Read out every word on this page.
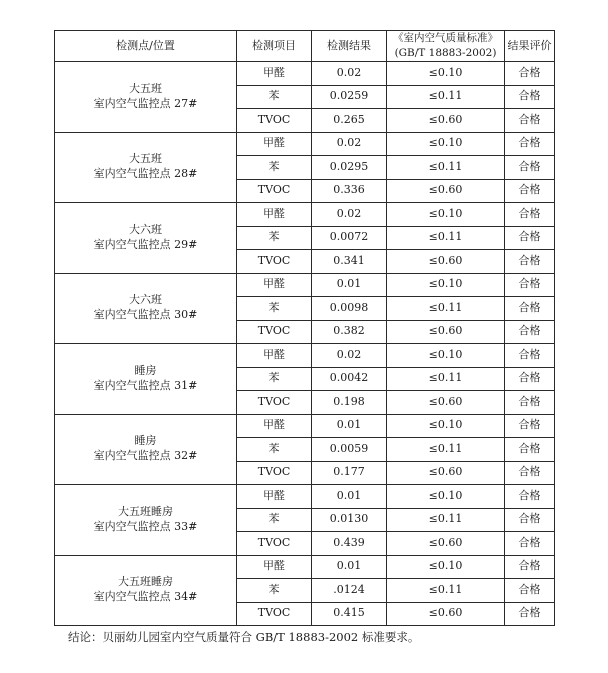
检测点/位置	检测项目	检测结果	《室内空气质量标准》
(GB/T 18883-2002)	结果评价

大五班
室内空气监控点 27#	甲醛	0.02	≤0.10	合格
	苯	0.0259	≤0.11	合格
	TVOC	0.265	≤0.60	合格

大五班
室内空气监控点 28#	甲醛	0.02	≤0.10	合格
	苯	0.0295	≤0.11	合格
	TVOC	0.336	≤0.60	合格

大六班
室内空气监控点 29#	甲醛	0.02	≤0.10	合格
	苯	0.0072	≤0.11	合格
	TVOC	0.341	≤0.60	合格

大六班
室内空气监控点 30#	甲醛	0.01	≤0.10	合格
	苯	0.0098	≤0.11	合格
	TVOC	0.382	≤0.60	合格

睡房
室内空气监控点 31#	甲醛	0.02	≤0.10	合格
	苯	0.0042	≤0.11	合格
	TVOC	0.198	≤0.60	合格

睡房
室内空气监控点 32#	甲醛	0.01	≤0.10	合格
	苯	0.0059	≤0.11	合格
	TVOC	0.177	≤0.60	合格

大五班睡房
室内空气监控点 33#	甲醛	0.01	≤0.10	合格
	苯	0.0130	≤0.11	合格
	TVOC	0.439	≤0.60	合格

大五班睡房
室内空气监控点 34#	甲醛	0.01	≤0.10	合格
	苯	.0124	≤0.11	合格
	TVOC	0.415	≤0.60	合格
结论：贝丽幼儿园室内空气质量符合 GB/T 18883-2002 标准要求。
